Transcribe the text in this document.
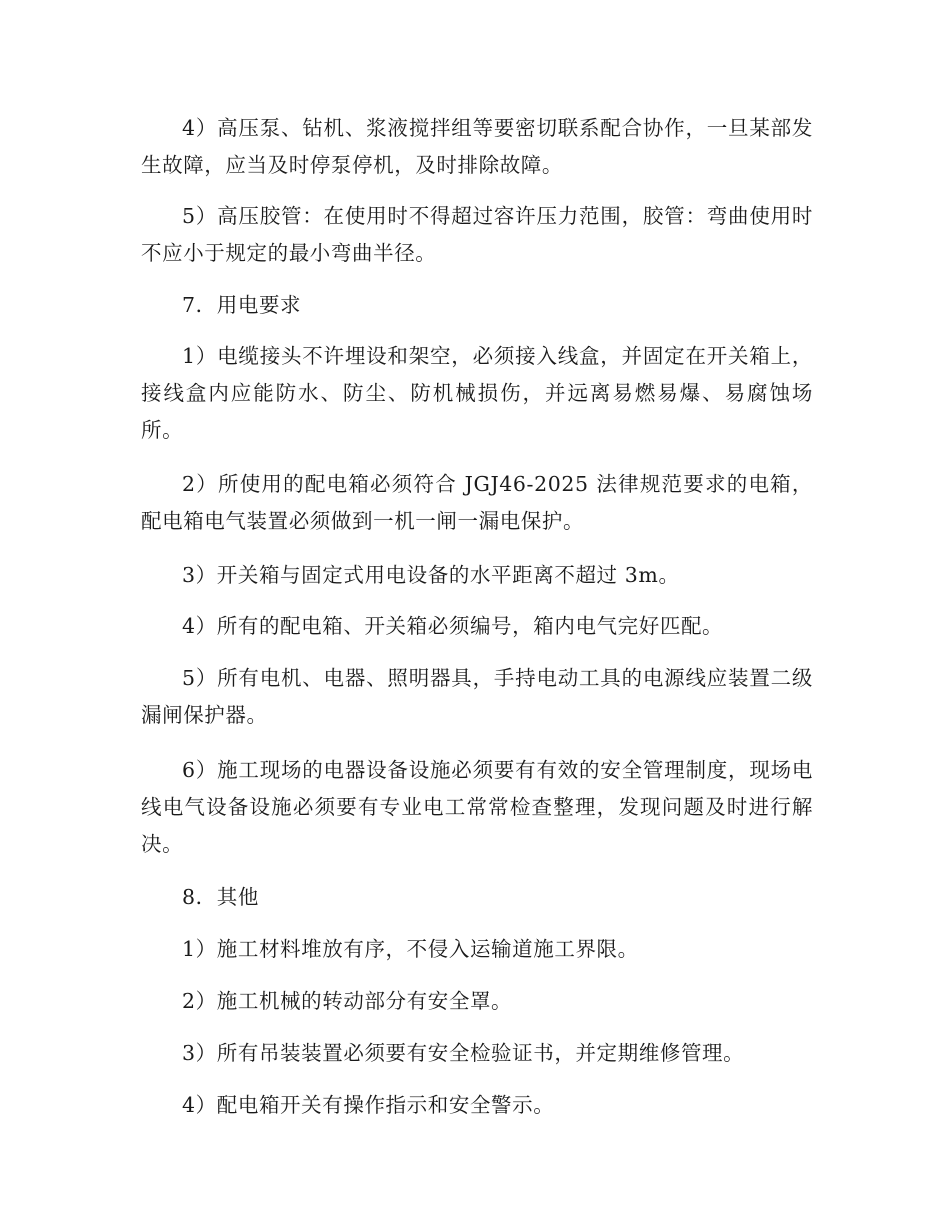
4）高压泵、钻机、浆液搅拌组等要密切联系配合协作，一旦某部发生故障，应当及时停泵停机，及时排除故障。

5）高压胶管：在使用时不得超过容许压力范围，胶管：弯曲使用时不应小于规定的最小弯曲半径。

7．用电要求

1）电缆接头不许埋设和架空，必须接入线盒，并固定在开关箱上，接线盒内应能防水、防尘、防机械损伤，并远离易燃易爆、易腐蚀场所。

2）所使用的配电箱必须符合 JGJ46-2025 法律规范要求的电箱，配电箱电气装置必须做到一机一闸一漏电保护。

3）开关箱与固定式用电设备的水平距离不超过 3m。

4）所有的配电箱、开关箱必须编号，箱内电气完好匹配。

5）所有电机、电器、照明器具，手持电动工具的电源线应装置二级漏闸保护器。

6）施工现场的电器设备设施必须要有有效的安全管理制度，现场电线电气设备设施必须要有专业电工常常检查整理，发现问题及时进行解决。

8．其他

1）施工材料堆放有序，不侵入运输道施工界限。

2）施工机械的转动部分有安全罩。

3）所有吊装装置必须要有安全检验证书，并定期维修管理。

4）配电箱开关有操作指示和安全警示。
